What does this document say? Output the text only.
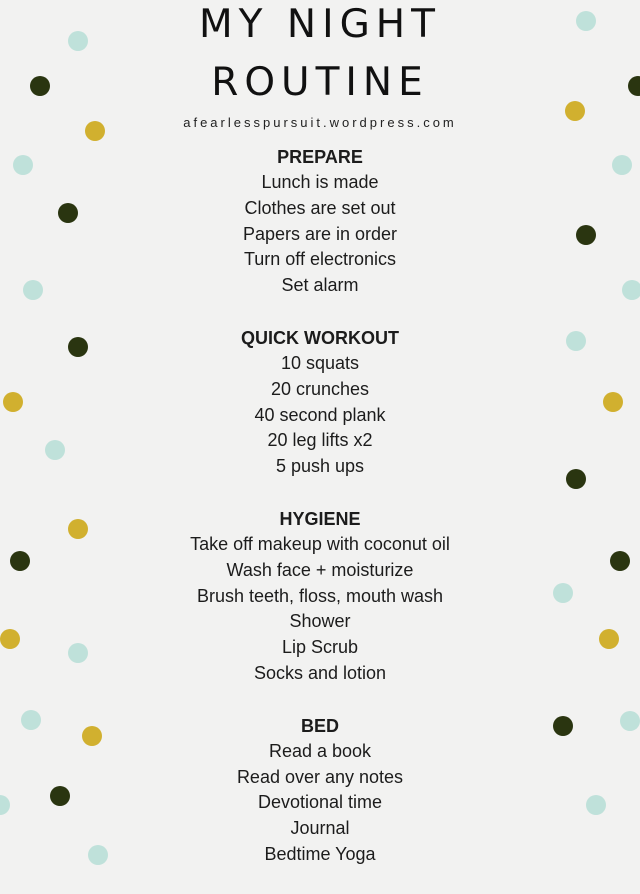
MY NIGHT
ROUTINE
afearlesspursuit.wordpress.com
PREPARE
Lunch is made
Clothes are set out
Papers are in order
Turn off electronics
Set alarm
QUICK WORKOUT
10 squats
20 crunches
40 second plank
20 leg lifts x2
5 push ups
HYGIENE
Take off makeup with coconut oil
Wash face + moisturize
Brush teeth, floss, mouth wash
Shower
Lip Scrub
Socks and lotion
BED
Read a book
Read over any notes
Devotional time
Journal
Bedtime Yoga
